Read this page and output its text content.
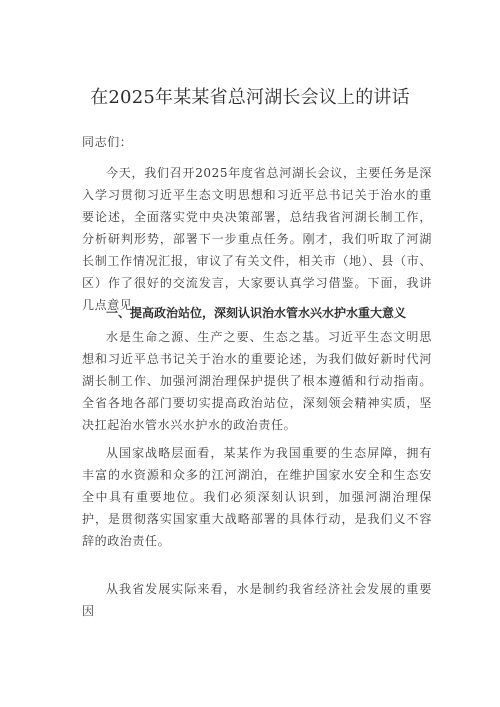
在2025年某某省总河湖长会议上的讲话

同志们：

今天，我们召开2025年度省总河湖长会议，主要任务是深入学习贯彻习近平生态文明思想和习近平总书记关于治水的重要论述，全面落实党中央决策部署，总结我省河湖长制工作，分析研判形势，部署下一步重点任务。刚才，我们听取了河湖长制工作情况汇报，审议了有关文件，相关市（地）、县（市、区）作了很好的交流发言，大家要认真学习借鉴。下面，我讲几点意见。

一、提高政治站位，深刻认识治水管水兴水护水重大意义

水是生命之源、生产之要、生态之基。习近平生态文明思想和习近平总书记关于治水的重要论述，为我们做好新时代河湖长制工作、加强河湖治理保护提供了根本遵循和行动指南。全省各地各部门要切实提高政治站位，深刻领会精神实质，坚决扛起治水管水兴水护水的政治责任。

从国家战略层面看，某某作为我国重要的生态屏障，拥有丰富的水资源和众多的江河湖泊，在维护国家水安全和生态安全中具有重要地位。我们必须深刻认识到，加强河湖治理保护，是贯彻落实国家重大战略部署的具体行动，是我们义不容辞的政治责任。

从我省发展实际来看，水是制约我省经济社会发展的重要因
